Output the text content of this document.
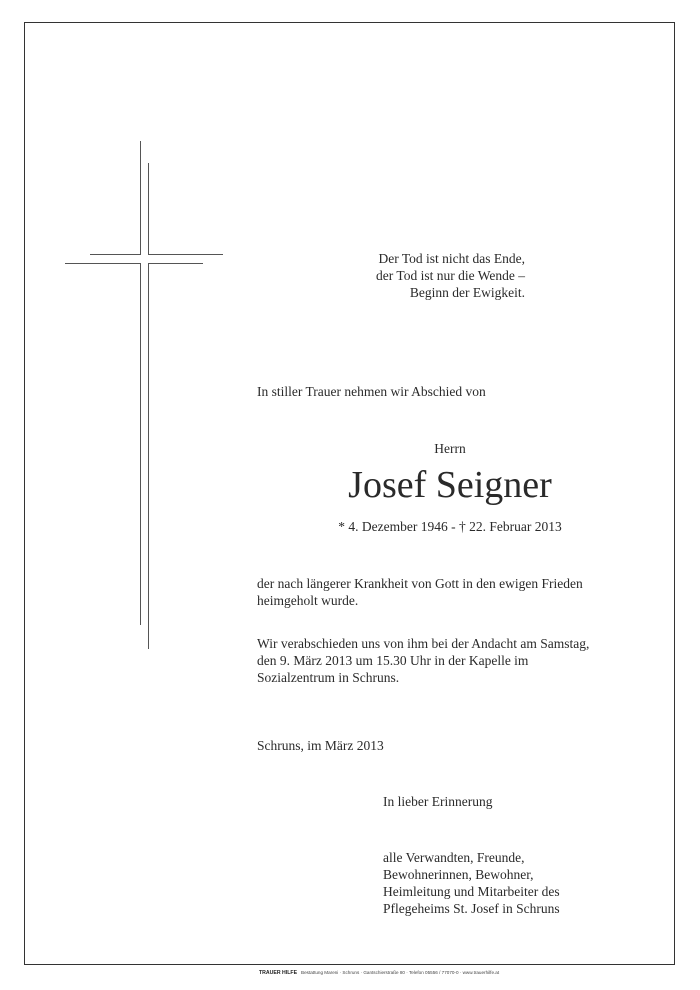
Der Tod ist nicht das Ende,
der Tod ist nur die Wende –
Beginn der Ewigkeit.
In stiller Trauer nehmen wir Abschied von
Herrn
Josef Seigner
* 4. Dezember 1946 - † 22. Februar 2013
der nach längerer Krankheit von Gott in den ewigen Frieden
heimgeholt wurde.
Wir verabschieden uns von ihm bei der Andacht am Samstag,
den 9. März 2013 um 15.30 Uhr in der Kapelle im
Sozialzentrum in Schruns.
Schruns, im März 2013
In lieber Erinnerung
alle Verwandten, Freunde,
Bewohnerinnen, Bewohner,
Heimleitung und Mitarbeiter des
Pflegeheims St. Josef in Schruns
TRAUER HILFE Bestattung Mareni · Schruns · Gantschierstraße 80 · Telefon 05556 / 77070-0 · www.trauerhilfe.at
